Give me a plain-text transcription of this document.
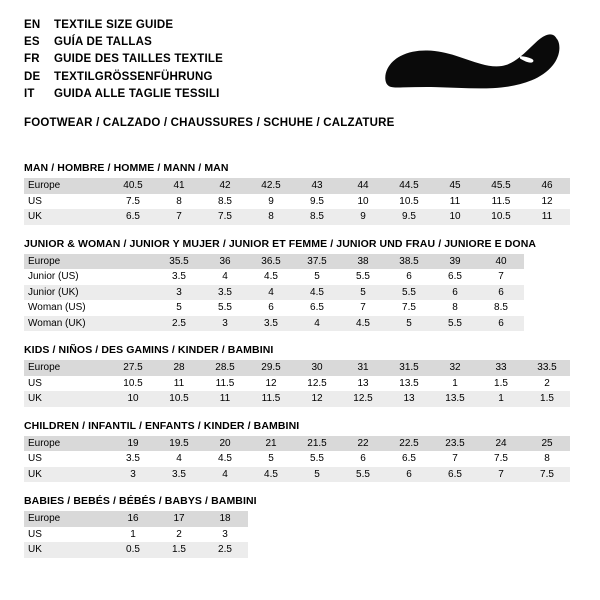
EN	TEXTILE SIZE GUIDE
ES	GUÍA DE TALLAS
FR	GUIDE DES TAILLES TEXTILE
DE	TEXTILGRÖSSENFÜHRUNG
IT	GUIDA ALLE TAGLIE TESSILI
FOOTWEAR / CALZADO / CHAUSSURES / SCHUHE / CALZATURE
MAN / HOMBRE / HOMME / MANN / MAN
Europe	40.5	41	42	42.5	43	44	44.5	45	45.5	46
US	7.5	8	8.5	9	9.5	10	10.5	11	11.5	12
UK	6.5	7	7.5	8	8.5	9	9.5	10	10.5	11
JUNIOR & WOMAN / JUNIOR Y MUJER / JUNIOR ET FEMME / JUNIOR UND FRAU / JUNIORE E DONA
Europe		35.5	36	36.5	37.5	38	38.5	39	40
Junior (US)		3.5	4	4.5	5	5.5	6	6.5	7
Junior (UK)		3	3.5	4	4.5	5	5.5	6	6
Woman (US)		5	5.5	6	6.5	7	7.5	8	8.5
Woman (UK)		2.5	3	3.5	4	4.5	5	5.5	6
KIDS / NIÑOS / DES GAMINS / KINDER / BAMBINI
Europe	27.5	28	28.5	29.5	30	31	31.5	32	33	33.5
US	10.5	11	11.5	12	12.5	13	13.5	1	1.5	2
UK	10	10.5	11	11.5	12	12.5	13	13.5	1	1.5
CHILDREN / INFANTIL / ENFANTS / KINDER / BAMBINI
Europe	19	19.5	20	21	21.5	22	22.5	23.5	24	25
US	3.5	4	4.5	5	5.5	6	6.5	7	7.5	8
UK	3	3.5	4	4.5	5	5.5	6	6.5	7	7.5
BABIES / BEBÉS / BÉBÉS / BABYS / BAMBINI
Europe	16	17	18
US	1	2	3
UK	0.5	1.5	2.5
